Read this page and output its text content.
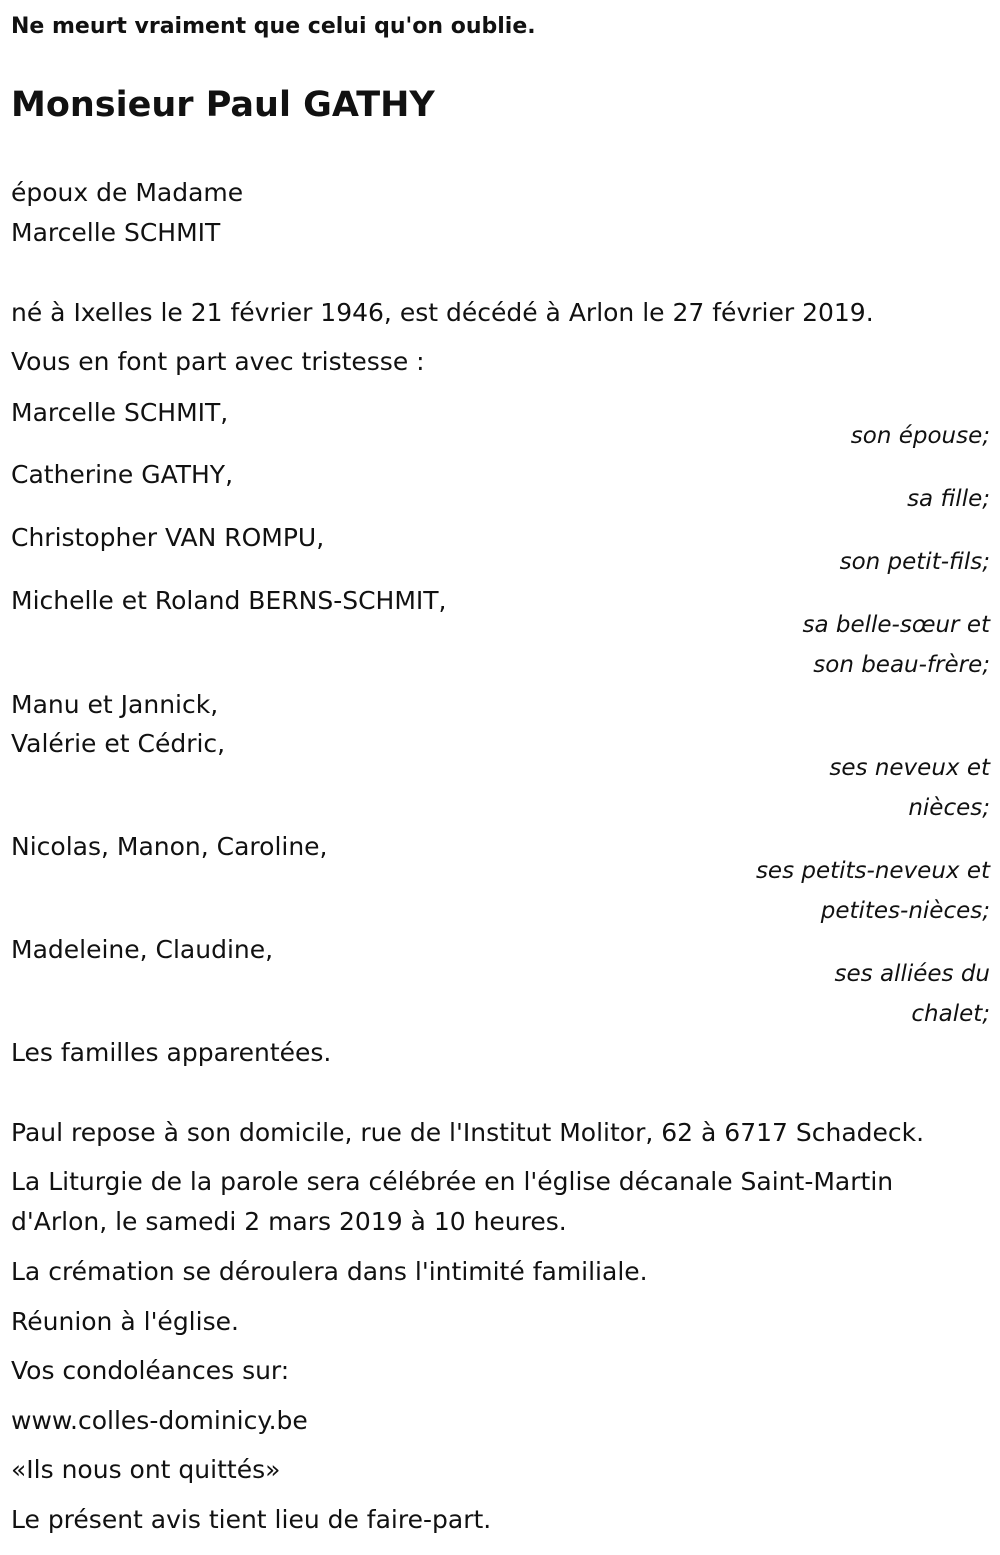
Ne meurt vraiment que celui qu'on oublie.
Monsieur Paul GATHY
époux de Madame
Marcelle SCHMIT
né à Ixelles le 21 février 1946, est décédé à Arlon le 27 février 2019.
Vous en font part avec tristesse :
Marcelle SCHMIT,
son épouse;
Catherine GATHY,
sa fille;
Christopher VAN ROMPU,
son petit-fils;
Michelle et Roland BERNS-SCHMIT,
sa belle-sœur et
son beau-frère;
Manu et Jannick,
Valérie et Cédric,
ses neveux et
nièces;
Nicolas, Manon, Caroline,
ses petits-neveux et
petites-nièces;
Madeleine, Claudine,
ses alliées du
chalet;
Les familles apparentées.
Paul repose à son domicile, rue de l'Institut Molitor, 62 à 6717 Schadeck.
La Liturgie de la parole sera célébrée en l'église décanale Saint-Martin
d'Arlon, le samedi 2 mars 2019 à 10 heures.
La crémation se déroulera dans l'intimité familiale.
Réunion à l'église.
Vos condoléances sur:
www.colles-dominicy.be
«Ils nous ont quittés»
Le présent avis tient lieu de faire-part.
